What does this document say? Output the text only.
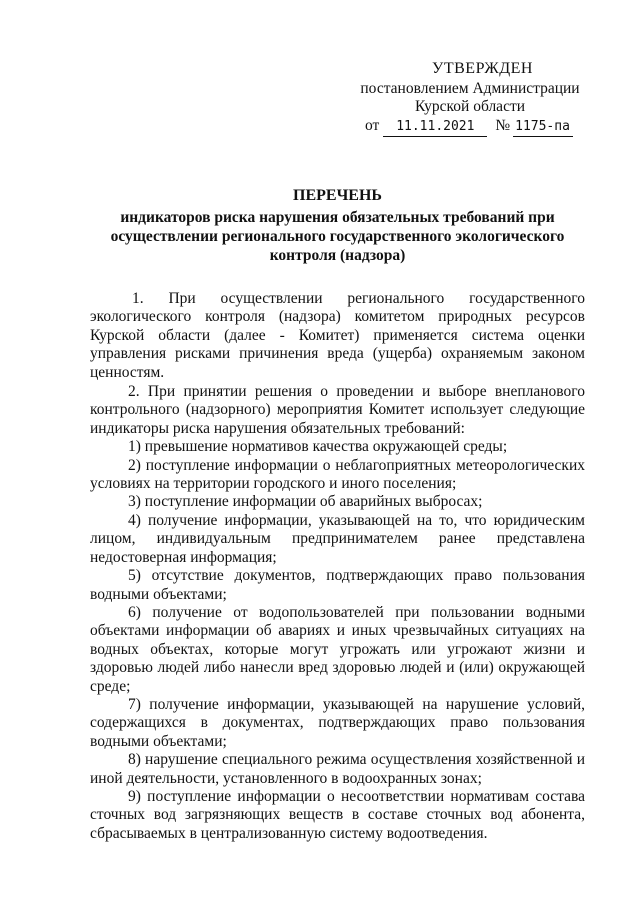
УТВЕРЖДЕН
постановлением Администрации
Курской области
от	11.11.2021	№ 1175-па
ПЕРЕЧЕНЬ
индикаторов риска нарушения обязательных требований при осуществлении регионального государственного экологического контроля (надзора)

1. При осуществлении регионального государственного экологического контроля (надзора) комитетом природных ресурсов Курской области (далее - Комитет) применяется система оценки управления рисками причинения вреда (ущерба) охраняемым законом ценностям.

2. При принятии решения о проведении и выборе внепланового контрольного (надзорного) мероприятия Комитет использует следующие индикаторы риска нарушения обязательных требований:

1) превышение нормативов качества окружающей среды;

2) поступление информации о неблагоприятных метеорологических условиях на территории городского и иного поселения;

3) поступление информации об аварийных выбросах;

4) получение информации, указывающей на то, что юридическим лицом, индивидуальным предпринимателем ранее представлена недостоверная информация;

5) отсутствие документов, подтверждающих право пользования водными объектами;

6) получение от водопользователей при пользовании водными объектами информации об авариях и иных чрезвычайных ситуациях на водных объектах, которые могут угрожать или угрожают жизни и здоровью людей либо нанесли вред здоровью людей и (или) окружающей среде;

7) получение информации, указывающей на нарушение условий, содержащихся в документах, подтверждающих право пользования водными объектами;

8) нарушение специального режима осуществления хозяйственной и иной деятельности, установленного в водоохранных зонах;

9) поступление информации о несоответствии нормативам состава сточных вод загрязняющих веществ в составе сточных вод абонента, сбрасываемых в централизованную систему водоотведения.
